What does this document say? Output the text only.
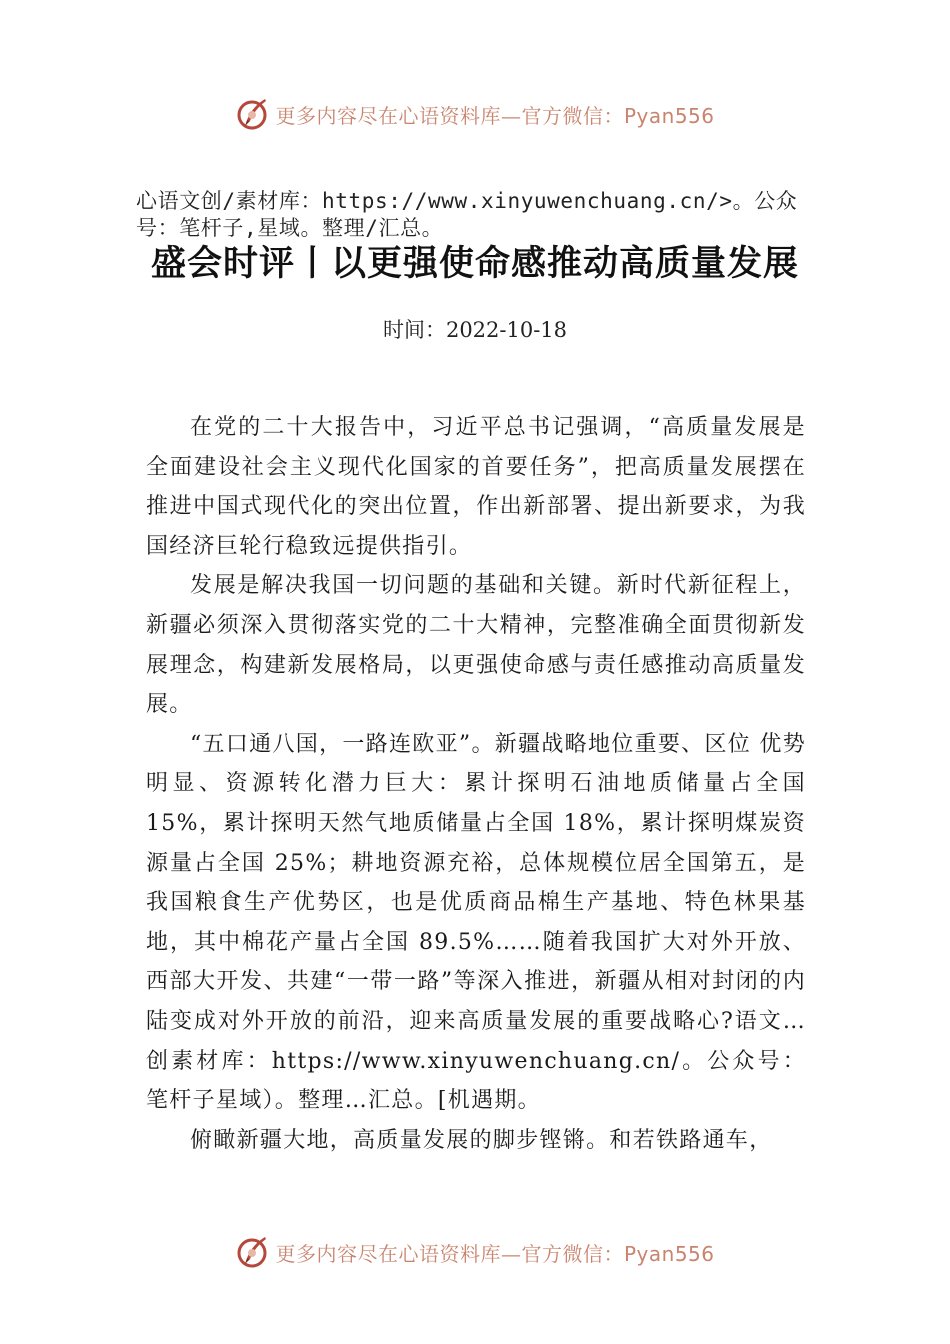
更多内容尽在心语资料库—官方微信：Pyan556
心语文创/素材库：https://www.xinyuwenchuang.cn/>。公众号：笔杆子,星域。整理/汇总。
盛会时评丨以更强使命感推动高质量发展
时间：2022-10-18

在党的二十大报告中，习近平总书记强调，“高质量发展是全面建设社会主义现代化国家的首要任务”，把高质量发展摆在推进中国式现代化的突出位置，作出新部署、提出新要求，为我国经济巨轮行稳致远提供指引。

发展是解决我国一切问题的基础和关键。新时代新征程上，新疆必须深入贯彻落实党的二十大精神，完整准确全面贯彻新发展理念，构建新发展格局，以更强使命感与责任感推动高质量发展。

“五口通八国，一路连欧亚”。新疆战略地位重要、区位 优势明显、资源转化潜力巨大：累计探明石油地质储量占全国 15%，累计探明天然气地质储量占全国 18%，累计探明煤炭资源量占全国 25%；耕地资源充裕，总体规模位居全国第五，是我国粮食生产优势区，也是优质商品棉生产基地、特色林果基地，其中棉花产量占全国 89.5%……随着我国扩大对外开放、西部大开发、共建“一带一路”等深入推进，新疆从相对封闭的内陆变成对外开放的前沿，迎来高质量发展的重要战略心?语文…创素材库：https://www.xinyuwenchuang.cn/。公众号：笔杆子星域）。整理…汇总。[机遇期。

俯瞰新疆大地，高质量发展的脚步铿锵。和若铁路通车，

更多内容尽在心语资料库—官方微信：Pyan556
